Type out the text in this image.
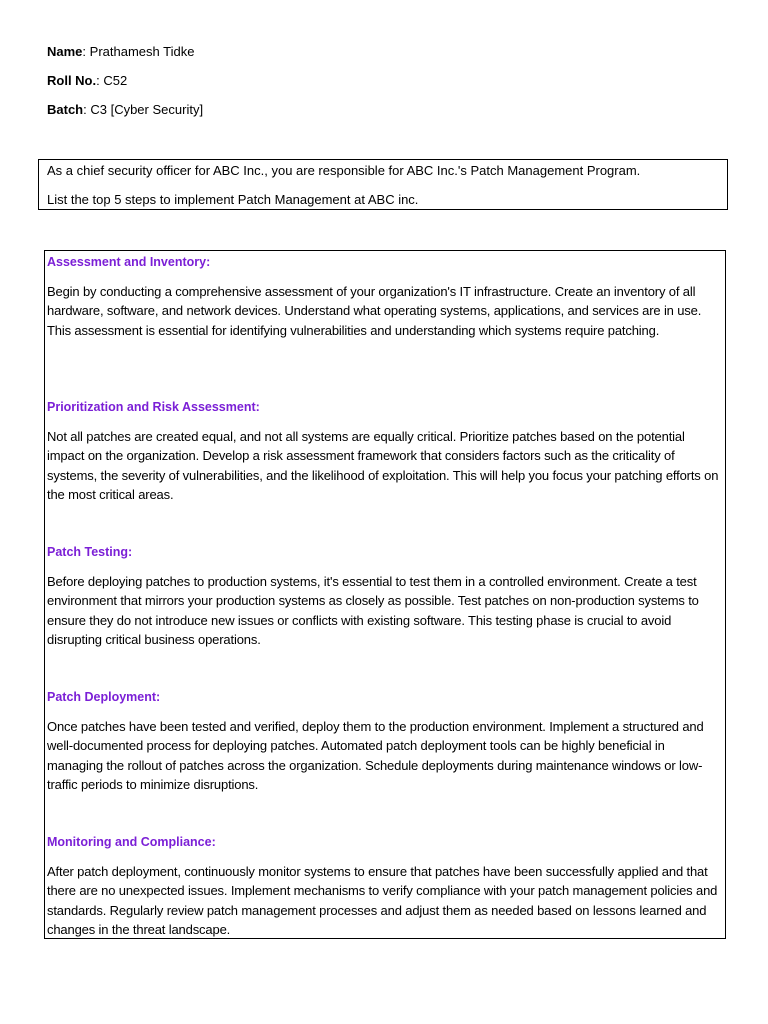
Name: Prathamesh Tidke
Roll No.: C52
Batch: C3 [Cyber Security]

As a chief security officer for ABC Inc., you are responsible for ABC Inc.'s Patch Management Program.

List the top 5 steps to implement Patch Management at ABC inc.

Assessment and Inventory:

Begin by conducting a comprehensive assessment of your organization's IT infrastructure. Create an inventory of all hardware, software, and network devices. Understand what operating systems, applications, and services are in use. This assessment is essential for identifying vulnerabilities and understanding which systems require patching.

Prioritization and Risk Assessment:

Not all patches are created equal, and not all systems are equally critical. Prioritize patches based on the potential impact on the organization. Develop a risk assessment framework that considers factors such as the criticality of systems, the severity of vulnerabilities, and the likelihood of exploitation. This will help you focus your patching efforts on the most critical areas.

Patch Testing:

Before deploying patches to production systems, it's essential to test them in a controlled environment. Create a test environment that mirrors your production systems as closely as possible. Test patches on non-production systems to ensure they do not introduce new issues or conflicts with existing software. This testing phase is crucial to avoid disrupting critical business operations.

Patch Deployment:

Once patches have been tested and verified, deploy them to the production environment. Implement a structured and well-documented process for deploying patches. Automated patch deployment tools can be highly beneficial in managing the rollout of patches across the organization. Schedule deployments during maintenance windows or low-traffic periods to minimize disruptions.

Monitoring and Compliance:

After patch deployment, continuously monitor systems to ensure that patches have been successfully applied and that there are no unexpected issues. Implement mechanisms to verify compliance with your patch management policies and standards. Regularly review patch management processes and adjust them as needed based on lessons learned and changes in the threat landscape.
